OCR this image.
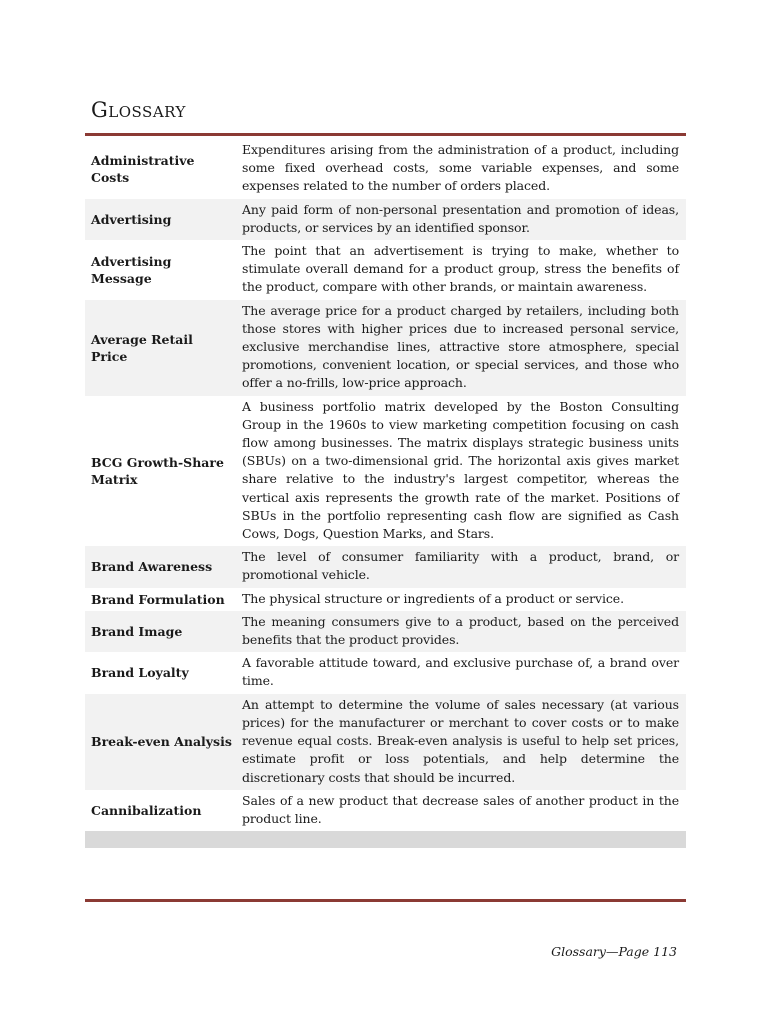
Glossary
Administrative Costs	Expenditures arising from the administration of a product, including some fixed overhead costs, some variable expenses, and some expenses related to the number of orders placed.
Advertising	Any paid form of non-personal presentation and promotion of ideas, products, or services by an identified sponsor.
Advertising Message	The point that an advertisement is trying to make, whether to stimulate overall demand for a product group, stress the benefits of the product, compare with other brands, or maintain awareness.
Average Retail Price	The average price for a product charged by retailers, including both those stores with higher prices due to increased personal service, exclusive merchandise lines, attractive store atmosphere, special promotions, convenient location, or special services, and those who offer a no-frills, low-price approach.
BCG Growth-Share Matrix	A business portfolio matrix developed by the Boston Consulting Group in the 1960s to view marketing competition focusing on cash flow among businesses. The matrix displays strategic business units (SBUs) on a two-dimensional grid. The horizontal axis gives market share relative to the industry's largest competitor, whereas the vertical axis represents the growth rate of the market. Positions of SBUs in the portfolio representing cash flow are signified as Cash Cows, Dogs, Question Marks, and Stars.
Brand Awareness	The level of consumer familiarity with a product, brand, or promotional vehicle.
Brand Formulation	The physical structure or ingredients of a product or service.
Brand Image	The meaning consumers give to a product, based on the perceived benefits that the product provides.
Brand Loyalty	A favorable attitude toward, and exclusive purchase of, a brand over time.
Break-even Analysis	An attempt to determine the volume of sales necessary (at various prices) for the manufacturer or merchant to cover costs or to make revenue equal costs. Break-even analysis is useful to help set prices, estimate profit or loss potentials, and help determine the discretionary costs that should be incurred.
Cannibalization	Sales of a new product that decrease sales of another product in the product line.

Glossary—Page 113
